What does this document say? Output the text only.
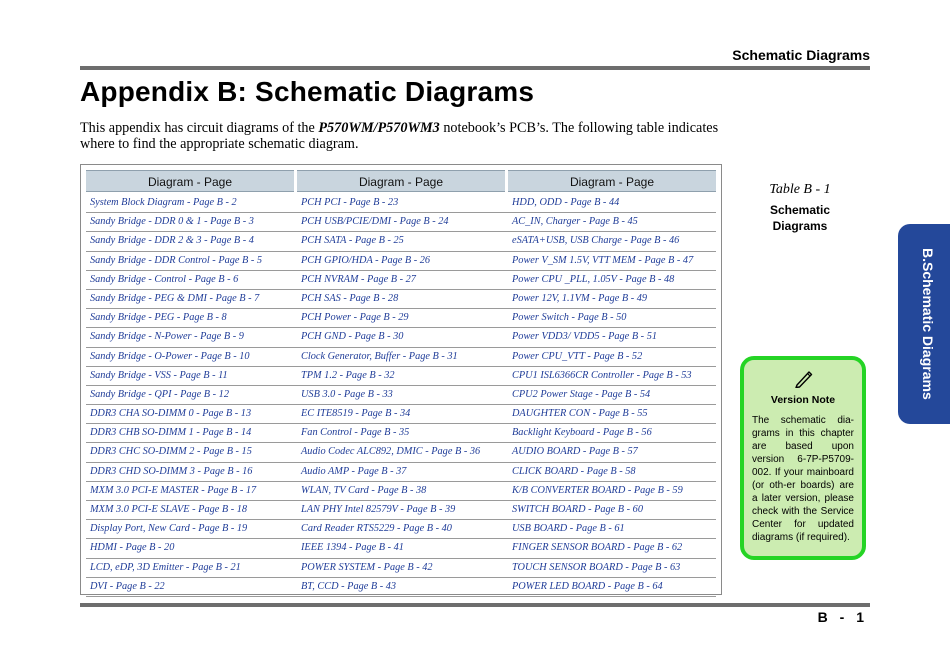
Schematic Diagrams
Appendix B: Schematic Diagrams

This appendix has circuit diagrams of the P570WM/P570WM3 notebook’s PCB’s. The following table indicates where to find the appropriate schematic diagram.

Diagram - Page	Diagram - Page	Diagram - Page
System Block Diagram - Page B - 2	PCH PCI - Page B - 23	HDD, ODD - Page B - 44
Sandy Bridge - DDR 0 & 1 - Page B - 3	PCH USB/PCIE/DMI - Page B - 24	AC_IN, Charger - Page B - 45
Sandy Bridge - DDR 2 & 3 - Page B - 4	PCH SATA - Page B - 25	eSATA+USB, USB Charge - Page B - 46
Sandy Bridge - DDR Control - Page B - 5	PCH GPIO/HDA - Page B - 26	Power V_SM 1.5V, VTT MEM - Page B - 47
Sandy Bridge - Control - Page B - 6	PCH NVRAM - Page B - 27	Power CPU _PLL, 1.05V - Page B - 48
Sandy Bridge - PEG & DMI - Page B - 7	PCH SAS - Page B - 28	Power 12V, 1.1VM - Page B - 49
Sandy Bridge - PEG - Page B - 8	PCH Power - Page B - 29	Power Switch - Page B - 50
Sandy Bridge - N-Power - Page B - 9	PCH GND - Page B - 30	Power VDD3/ VDD5 - Page B - 51
Sandy Bridge - O-Power - Page B - 10	Clock Generator, Buffer - Page B - 31	Power CPU_VTT - Page B - 52
Sandy Bridge - VSS - Page B - 11	TPM 1.2 - Page B - 32	CPU1 ISL6366CR Controller - Page B - 53
Sandy Bridge - QPI - Page B - 12	USB 3.0 - Page B - 33	CPU2 Power Stage - Page B - 54
DDR3 CHA SO-DIMM 0 - Page B - 13	EC ITE8519 - Page B - 34	DAUGHTER CON - Page B - 55
DDR3 CHB SO-DIMM 1 - Page B - 14	Fan Control - Page B - 35	Backlight Keyboard - Page B - 56
DDR3 CHC SO-DIMM 2 - Page B - 15	Audio Codec ALC892, DMIC - Page B - 36	AUDIO BOARD - Page B - 57
DDR3 CHD SO-DIMM 3 - Page B - 16	Audio AMP - Page B - 37	CLICK BOARD - Page B - 58
MXM 3.0 PCI-E MASTER - Page B - 17	WLAN, TV Card - Page B - 38	K/B CONVERTER BOARD - Page B - 59
MXM 3.0 PCI-E SLAVE - Page B - 18	LAN PHY Intel 82579V - Page B - 39	SWITCH BOARD - Page B - 60
Display Port, New Card - Page B - 19	Card Reader RTS5229 - Page B - 40	USB BOARD - Page B - 61
HDMI - Page B - 20	IEEE 1394 - Page B - 41	FINGER SENSOR BOARD - Page B - 62
LCD, eDP, 3D Emitter - Page B - 21	POWER SYSTEM - Page B - 42	TOUCH SENSOR BOARD - Page B - 63
DVI - Page B - 22	BT, CCD - Page B - 43	POWER LED BOARD - Page B - 64
Table B - 1
Schematic
Diagrams
B.Schematic Diagrams
Version Note
The schematic dia-grams in this chapter are based upon version 6-7P-P5709-002. If your mainboard (or oth-er boards) are a later version, please check with the Service Center for updated diagrams (if required).
B - 1
